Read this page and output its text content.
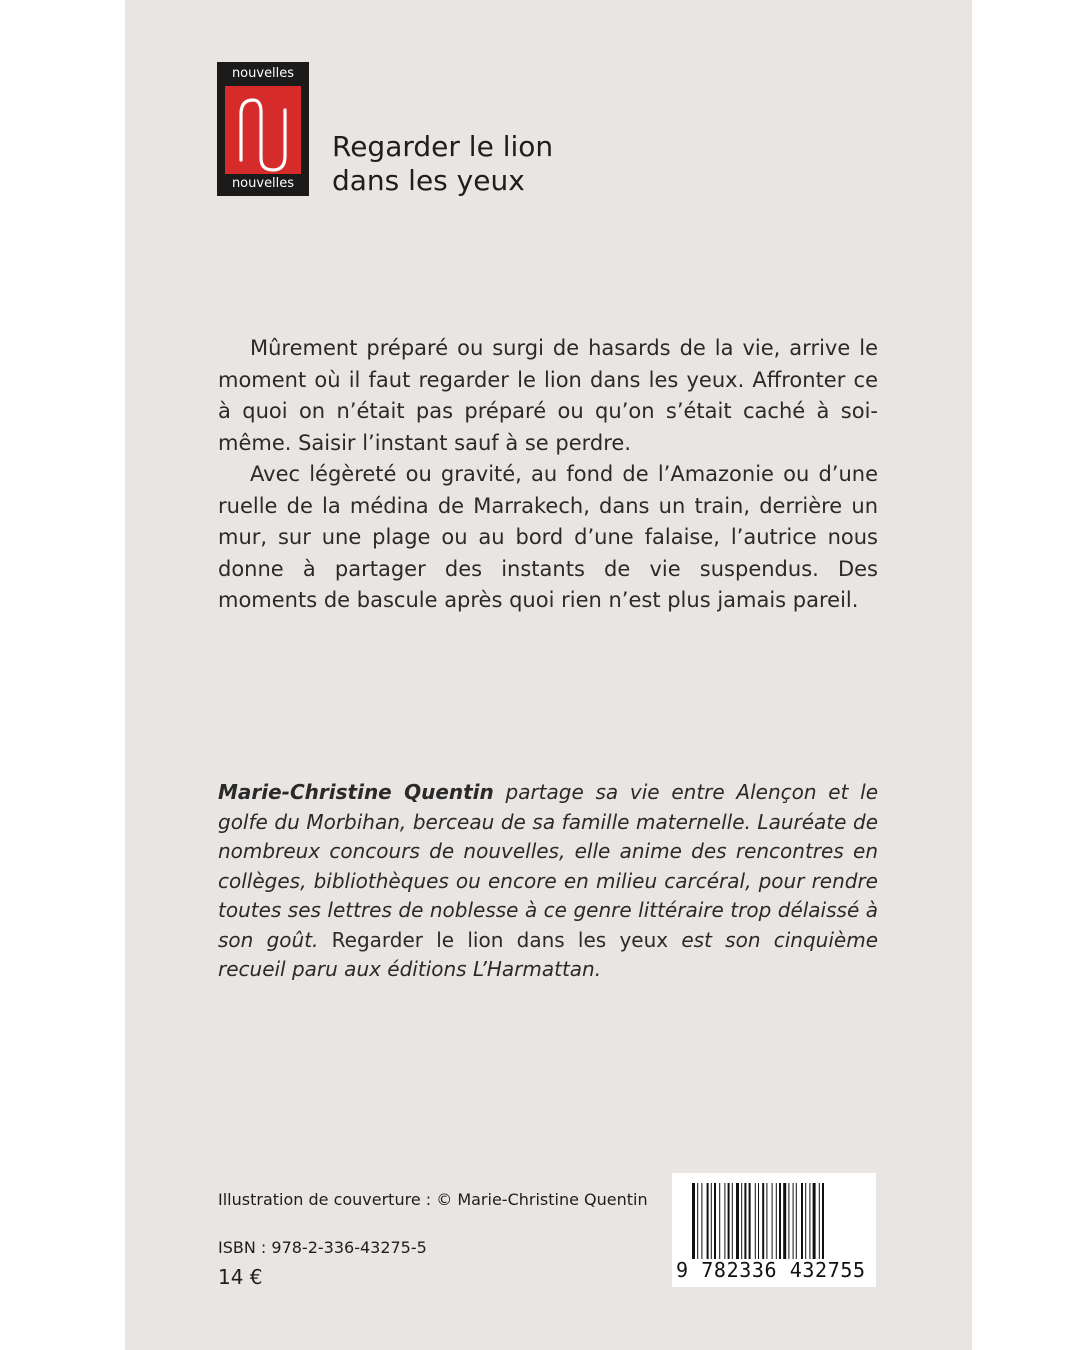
nouvelles
nouvelles
Regarder le lion
dans les yeux

Mûrement préparé ou surgi de hasards de la vie, arrive le moment où il faut regarder le lion dans les yeux. Affronter ce à quoi on n’était pas préparé ou qu’on s’était caché à soi-même. Saisir l’instant sauf à se perdre.

Avec légèreté ou gravité, au fond de l’Amazonie ou d’une ruelle de la médina de Marrakech, dans un train, derrière un mur, sur une plage ou au bord d’une falaise, l’autrice nous donne à partager des instants de vie suspendus. Des moments de bascule après quoi rien n’est plus jamais pareil.

Marie-Christine Quentin partage sa vie entre Alençon et le golfe du Morbihan, berceau de sa famille maternelle. Lauréate de nombreux concours de nouvelles, elle anime des rencontres en collèges, bibliothèques ou encore en milieu carcéral, pour rendre toutes ses lettres de noblesse à ce genre littéraire trop délaissé à son goût. Regarder le lion dans les yeux est son cinquième recueil paru aux éditions L’Harmattan.
Illustration de couverture : © Marie-Christine Quentin
ISBN : 978-2-336-43275-5
14 €	9 782336 432755
